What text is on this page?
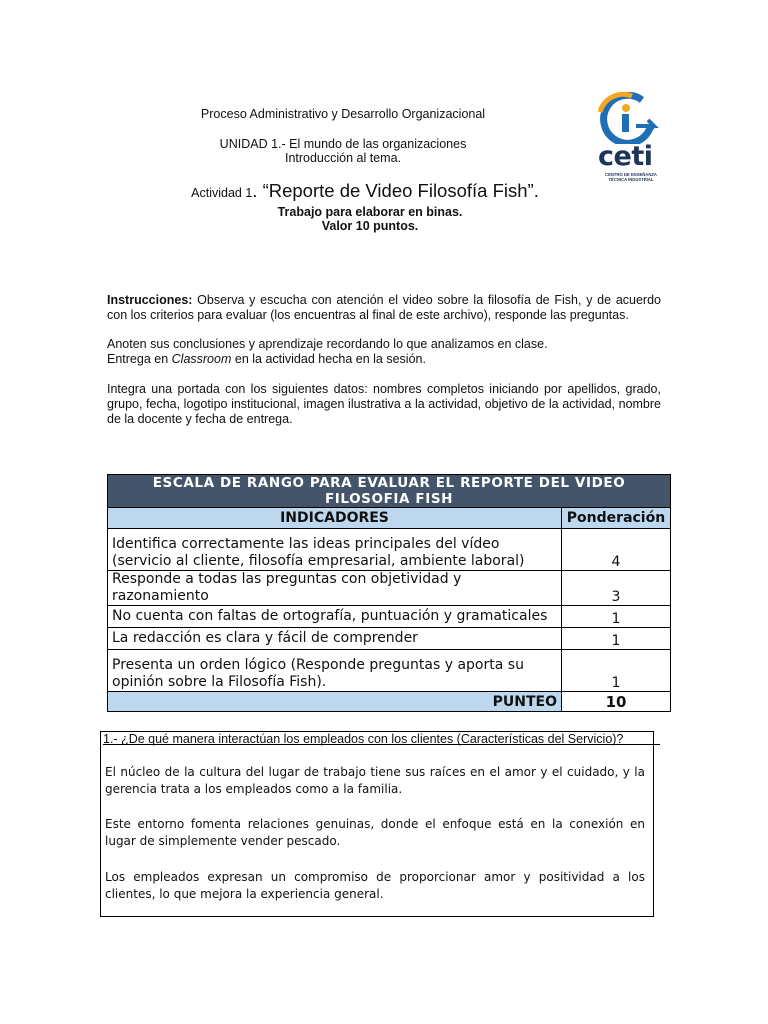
Proceso Administrativo y Desarrollo Organizacional
UNIDAD 1.- El mundo de las organizaciones
Introducción al tema.
Actividad 1. “Reporte de Video Filosofía Fish”.
Trabajo para elaborar en binas.
Valor 10 puntos.
ceti
CENTRO DE ENSEÑANZA TÉCNICA INDUSTRIAL
Instrucciones: Observa y escucha con atención el video sobre la filosofía de Fish, y de acuerdo con los criterios para evaluar (los encuentras al final de este archivo), responde las preguntas.
Anoten sus conclusiones y aprendizaje recordando lo que analizamos en clase.
Entrega en Classroom en la actividad hecha en la sesión.
Integra una portada con los siguientes datos: nombres completos iniciando por apellidos, grado, grupo, fecha, logotipo institucional, imagen ilustrativa a la actividad, objetivo de la actividad, nombre de la docente y fecha de entrega.
ESCALA DE RANGO PARA EVALUAR EL REPORTE DEL VIDEO FILOSOFIA FISH	
INDICADORES	Ponderación
Identifica correctamente las ideas principales del vídeo (servicio al cliente, filosofía empresarial, ambiente laboral)	4
Responde a todas las preguntas con objetividad y razonamiento	3
No cuenta con faltas de ortografía, puntuación y gramaticales	1
La redacción es clara y fácil de comprender	1
Presenta un orden lógico (Responde preguntas y aporta su opinión sobre la Filosofía Fish).	1
PUNTEO	10
1.- ¿De qué manera interactúan los empleados con los clientes (Características del Servicio)?
El núcleo de la cultura del lugar de trabajo tiene sus raíces en el amor y el cuidado, y la gerencia trata a los empleados como a la familia.
Este entorno fomenta relaciones genuinas, donde el enfoque está en la conexión en lugar de simplemente vender pescado.
Los empleados expresan un compromiso de proporcionar amor y positividad a los clientes, lo que mejora la experiencia general.
